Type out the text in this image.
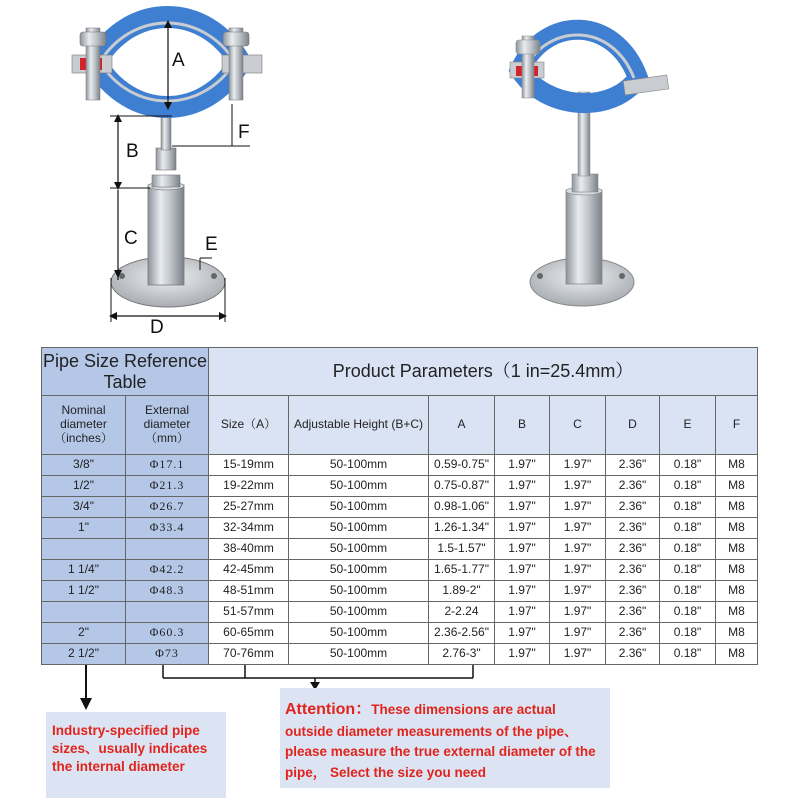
A
B
C
F
E
D
Pipe Size Reference Table		Product Parameters（1 in=25.4mm）							
Nominal diameter （inches）	External diameter （mm）	Size（A）	Adjustable Height (B+C)	A	B	C	D	E	F
3/8"	Φ17.1	15-19mm	50-100mm	0.59-0.75"	1.97"	1.97"	2.36"	0.18"	M8
1/2"	Φ21.3	19-22mm	50-100mm	0.75-0.87"	1.97"	1.97"	2.36"	0.18"	M8
3/4"	Φ26.7	25-27mm	50-100mm	0.98-1.06"	1.97"	1.97"	2.36"	0.18"	M8
1"	Φ33.4	32-34mm	50-100mm	1.26-1.34"	1.97"	1.97"	2.36"	0.18"	M8
		38-40mm	50-100mm	1.5-1.57"	1.97"	1.97"	2.36"	0.18"	M8
1 1/4"	Φ42.2	42-45mm	50-100mm	1.65-1.77"	1.97"	1.97"	2.36"	0.18"	M8
1 1/2"	Φ48.3	48-51mm	50-100mm	1.89-2"	1.97"	1.97"	2.36"	0.18"	M8
		51-57mm	50-100mm	2-2.24	1.97"	1.97"	2.36"	0.18"	M8
2"	Φ60.3	60-65mm	50-100mm	2.36-2.56"	1.97"	1.97"	2.36"	0.18"	M8
2 1/2"	Φ73	70-76mm	50-100mm	2.76-3"	1.97"	1.97"	2.36"	0.18"	M8
Industry-specified pipe sizes、usually indicates the internal diameter
Attention：These dimensions are actual outside diameter measurements of the pipe、please measure the true external diameter of the pipe， Select the size you need
